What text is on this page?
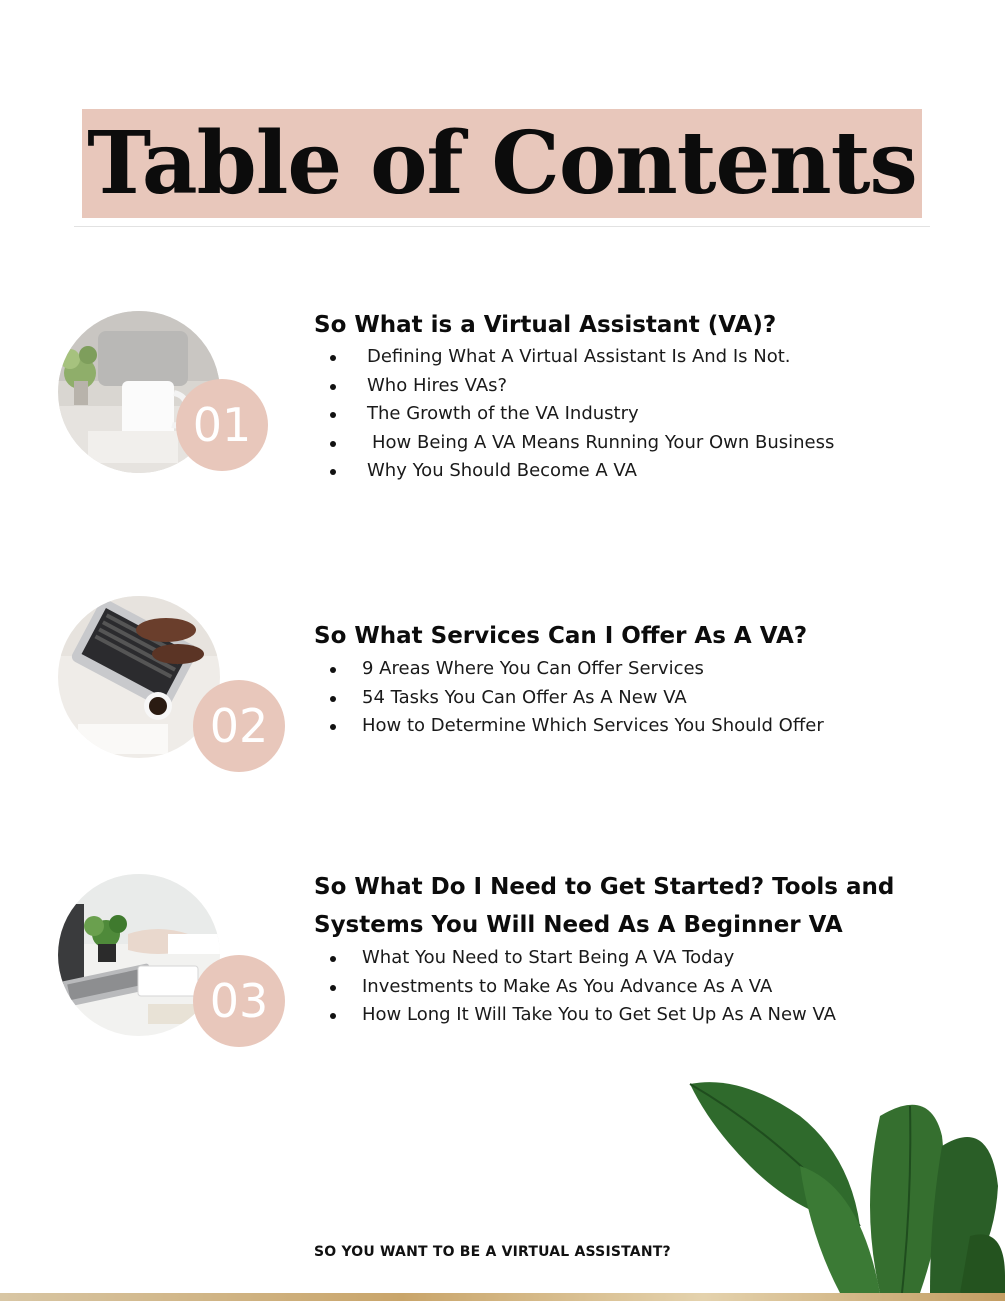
Table of Contents
01
So What is a Virtual Assistant (VA)?
Defining What A Virtual Assistant Is And Is Not.
Who Hires VAs?
The Growth of the VA Industry
How Being A VA Means Running Your Own Business
Why You Should Become A VA
02
So What Services Can I Offer As A VA?
9 Areas Where You Can Offer Services
54 Tasks You Can Offer As A New VA
How to Determine Which Services You Should Offer
03
So What Do I Need to Get Started? Tools and
Systems You Will Need As A Beginner VA
What You Need to Start Being A VA Today
Investments to Make As You Advance As A VA
How Long It Will Take You to Get Set Up As A New VA
SO YOU WANT TO BE A VIRTUAL ASSISTANT?
